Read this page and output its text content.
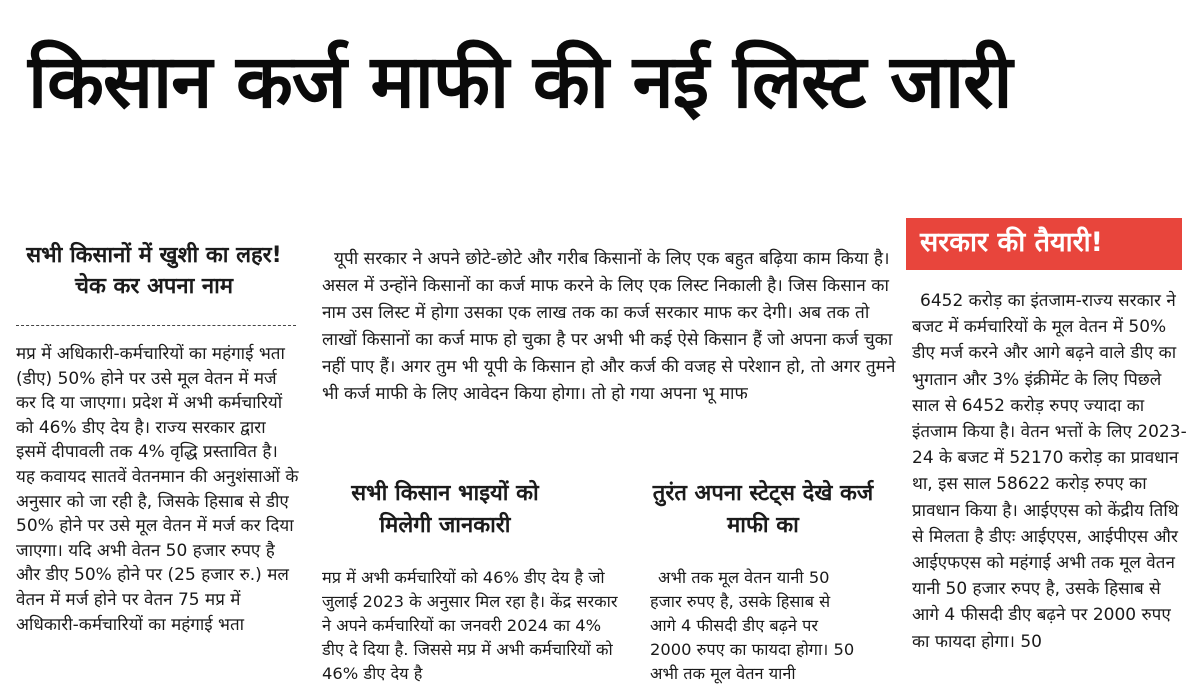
किसान कर्ज माफी की नई लिस्ट जारी
सभी किसानों में खुशी का लहर! चेक कर अपना नाम
मप्र में अधिकारी-कर्मचारियों का महंगाई भता (डीए) 50% होने पर उसे मूल वेतन में मर्ज कर दि या जाएगा। प्रदेश में अभी कर्मचारियों को 46% डीए देय है। राज्य सरकार द्वारा इसमें दीपावली तक 4% वृद्धि प्रस्तावित है। यह कवायद सातवें वेतनमान की अनुशंसाओं के अनुसार को जा रही है, जिसके हिसाब से डीए 50% होने पर उसे मूल वेतन में मर्ज कर दिया जाएगा। यदि अभी वेतन 50 हजार रुपए है और डीए 50% होने पर (25 हजार रु.) मल वेतन में मर्ज होने पर वेतन 75 मप्र में अधिकारी-कर्मचारियों का महंगाई भता
यूपी सरकार ने अपने छोटे-छोटे और गरीब किसानों के लिए एक बहुत बढ़िया काम किया है। असल में उन्होंने किसानों का कर्ज माफ करने के लिए एक लिस्ट निकाली है। जिस किसान का नाम उस लिस्ट में होगा उसका एक लाख तक का कर्ज सरकार माफ कर देगी। अब तक तो लाखों किसानों का कर्ज माफ हो चुका है पर अभी भी कई ऐसे किसान हैं जो अपना कर्ज चुका नहीं पाए हैं। अगर तुम भी यूपी के किसान हो और कर्ज की वजह से परेशान हो, तो अगर तुमने भी कर्ज माफी के लिए आवेदन किया होगा। तो हो गया अपना भू माफ
सभी किसान भाइयों को मिलेगी जानकारी
मप्र में अभी कर्मचारियों को 46% डीए देय है जो जुलाई 2023 के अनुसार मिल रहा है। केंद्र सरकार ने अपने कर्मचारियों का जनवरी 2024 का 4% डीए दे दिया है. जिससे मप्र में अभी कर्मचारियों को 46% डीए देय है
तुरंत अपना स्टेट्स देखे कर्ज माफी का
अभी तक मूल वेतन यानी 50 हजार रुपए है, उसके हिसाब से आगे 4 फीसदी डीए बढ़ने पर 2000 रुपए का फायदा होगा। 50 अभी तक मूल वेतन यानी
सरकार की तैयारी!
6452 करोड़ का इंतजाम-राज्य सरकार ने बजट में कर्मचारियों के मूल वेतन में 50% डीए मर्ज करने और आगे बढ़ने वाले डीए का भुगतान और 3% इंक्रीमेंट के लिए पिछले साल से 6452 करोड़ रुपए ज्यादा का इंतजाम किया है। वेतन भत्तों के लिए 2023-24 के बजट में 52170 करोड़ का प्रावधान था, इस साल 58622 करोड़ रुपए का प्रावधान किया है। आईएएस को केंद्रीय तिथि से मिलता है डीएः आईएएस, आईपीएस और आईएफएस को महंगाई अभी तक मूल वेतन यानी 50 हजार रुपए है, उसके हिसाब से आगे 4 फीसदी डीए बढ़ने पर 2000 रुपए का फायदा होगा। 50
